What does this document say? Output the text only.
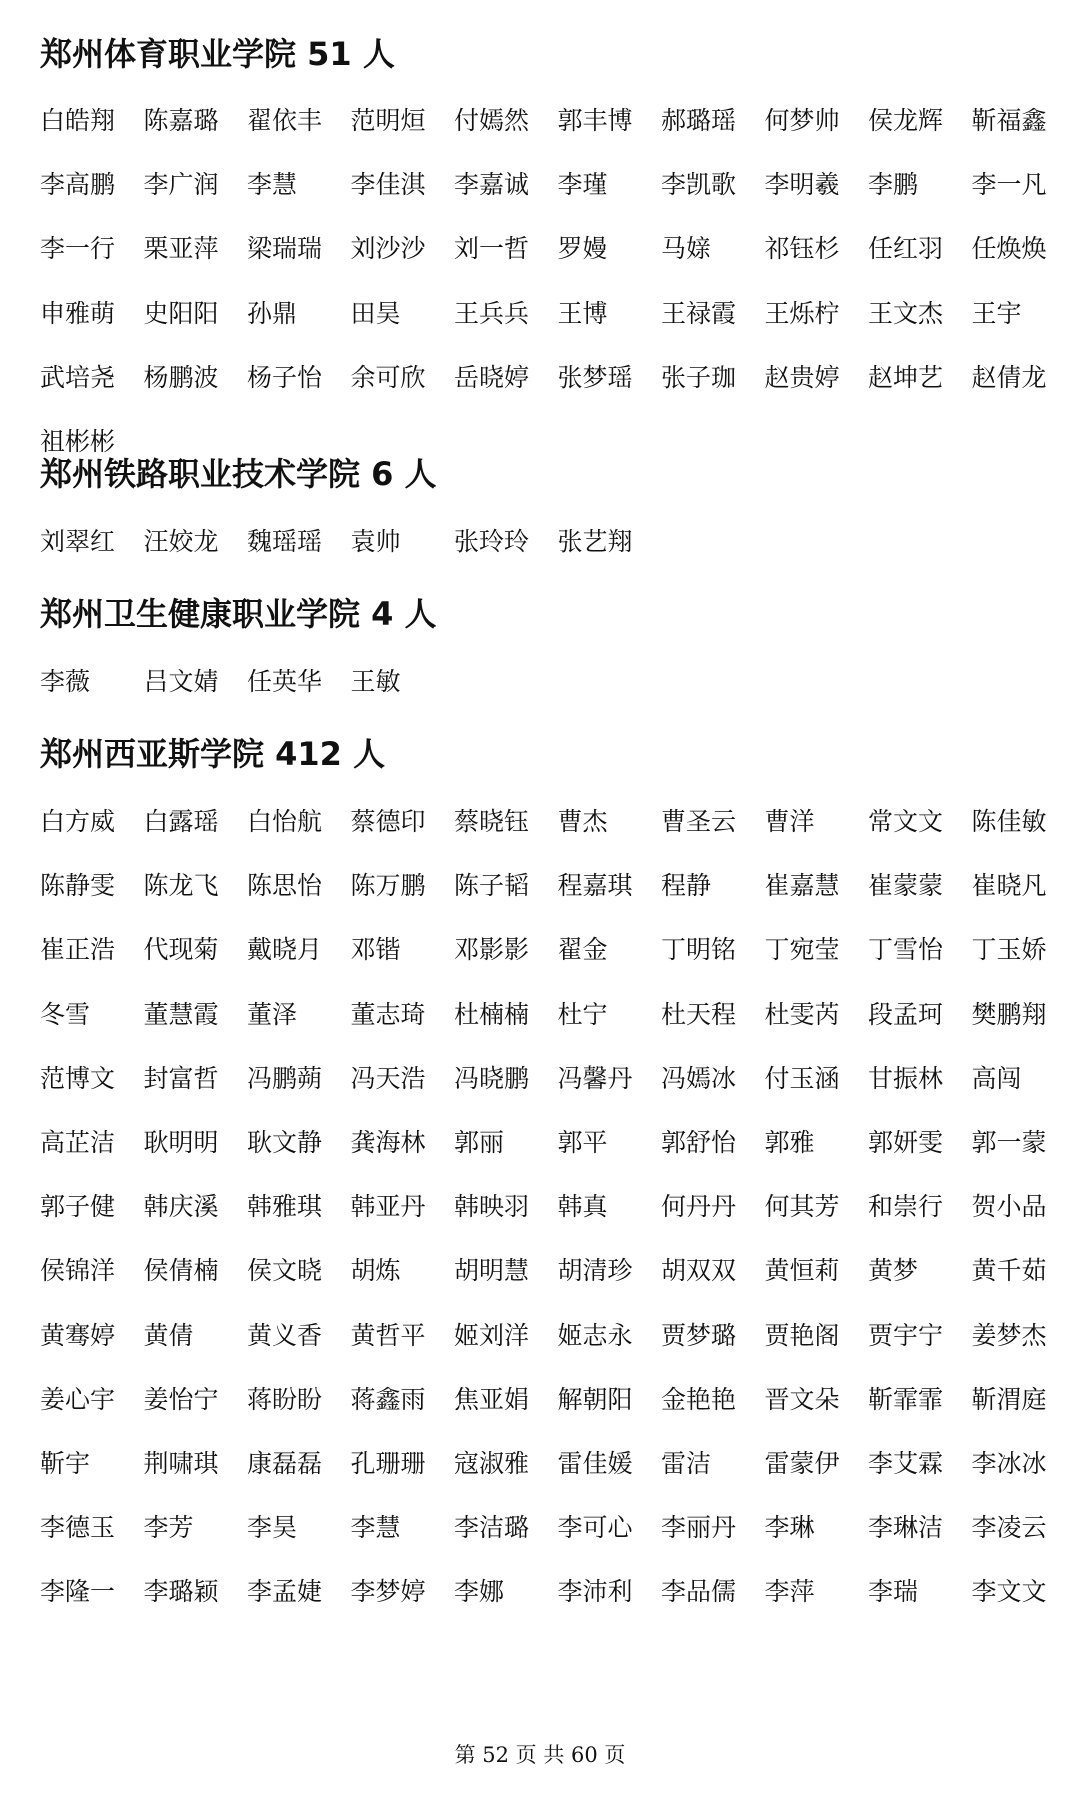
郑州体育职业学院 51 人
白皓翔	陈嘉璐	翟依丰	范明烜	付嫣然	郭丰博	郝璐瑶	何梦帅	侯龙辉	靳福鑫
李高鹏	李广润	李慧	李佳淇	李嘉诚	李瑾	李凯歌	李明羲	李鹏	李一凡
李一行	栗亚萍	梁瑞瑞	刘沙沙	刘一哲	罗嫚	马媇	祁钰杉	任红羽	任焕焕
申雅萌	史阳阳	孙鼎	田昊	王兵兵	王博	王禄霞	王烁柠	王文杰	王宇
武培尧	杨鹏波	杨子怡	余可欣	岳晓婷	张梦瑶	张子珈	赵贵婷	赵坤艺	赵倩龙
祖彬彬
郑州铁路职业技术学院 6 人
刘翠红	汪姣龙	魏瑶瑶	袁帅	张玲玲	张艺翔
郑州卫生健康职业学院 4 人
李薇	吕文婧	任英华	王敏
郑州西亚斯学院 412 人
白方威	白露瑶	白怡航	蔡德印	蔡晓钰	曹杰	曹圣云	曹洋	常文文	陈佳敏
陈静雯	陈龙飞	陈思怡	陈万鹏	陈子韬	程嘉琪	程静	崔嘉慧	崔蒙蒙	崔晓凡
崔正浩	代现菊	戴晓月	邓锴	邓影影	翟金	丁明铭	丁宛莹	丁雪怡	丁玉娇
冬雪	董慧霞	董泽	董志琦	杜楠楠	杜宁	杜天程	杜雯芮	段孟珂	樊鹏翔
范博文	封富哲	冯鹏蒴	冯天浩	冯晓鹏	冯馨丹	冯嫣冰	付玉涵	甘振林	高闯
高芷洁	耿明明	耿文静	龚海林	郭丽	郭平	郭舒怡	郭雅	郭妍雯	郭一蒙
郭子健	韩庆溪	韩雅琪	韩亚丹	韩映羽	韩真	何丹丹	何其芳	和崇行	贺小品
侯锦洋	侯倩楠	侯文晓	胡炼	胡明慧	胡清珍	胡双双	黄恒莉	黄梦	黄千茹
黄骞婷	黄倩	黄义香	黄哲平	姬刘洋	姬志永	贾梦璐	贾艳阁	贾宇宁	姜梦杰
姜心宇	姜怡宁	蒋盼盼	蒋鑫雨	焦亚娟	解朝阳	金艳艳	晋文朵	靳霏霏	靳渭庭
靳宇	荆啸琪	康磊磊	孔珊珊	寇淑雅	雷佳媛	雷洁	雷蒙伊	李艾霖	李冰冰
李德玉	李芳	李昊	李慧	李洁璐	李可心	李丽丹	李琳	李琳洁	李凌云
李隆一	李璐颖	李孟婕	李梦婷	李娜	李沛利	李品儒	李萍	李瑞	李文文
第 52 页 共 60 页
